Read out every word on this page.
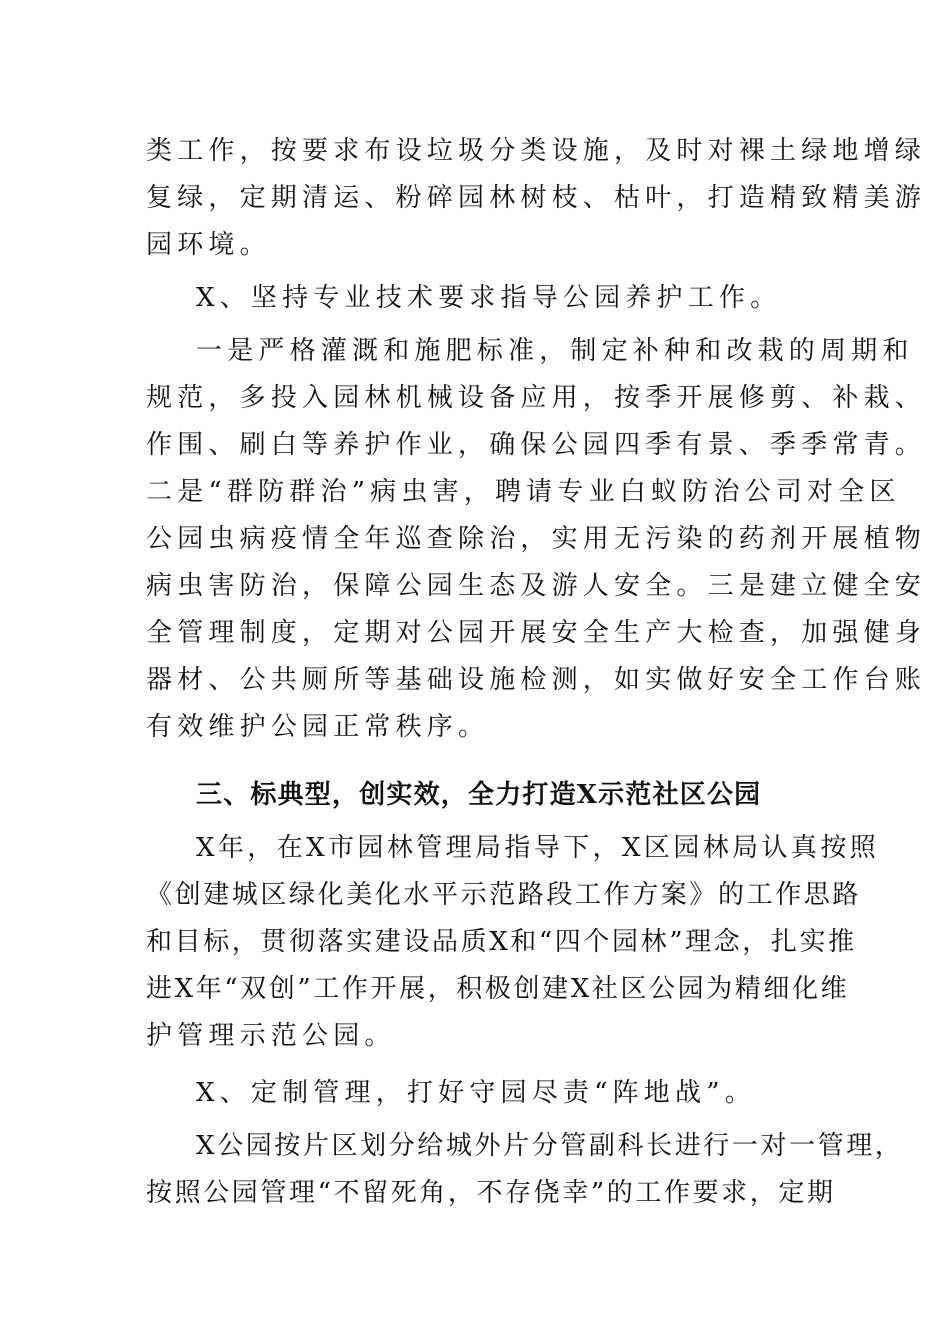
类工作，按要求布设垃圾分类设施，及时对裸土绿地增绿
复绿，定期清运、粉碎园林树枝、枯叶，打造精致精美游
园环境。
X、坚持专业技术要求指导公园养护工作。
一是严格灌溉和施肥标准，制定补种和改栽的周期和
规范，多投入园林机械设备应用，按季开展修剪、补栽、
作围、刷白等养护作业，确保公园四季有景、季季常青。
二是“群防群治”病虫害，聘请专业白蚁防治公司对全区
公园虫病疫情全年巡查除治，实用无污染的药剂开展植物
病虫害防治，保障公园生态及游人安全。三是建立健全安
全管理制度，定期对公园开展安全生产大检查，加强健身
器材、公共厕所等基础设施检测，如实做好安全工作台账
有效维护公园正常秩序。
三、标典型，创实效，全力打造X示范社区公园
X年，在X市园林管理局指导下，X区园林局认真按照
《创建城区绿化美化水平示范路段工作方案》的工作思路
和目标，贯彻落实建设品质X和“四个园林”理念，扎实推
进X年“双创”工作开展，积极创建X社区公园为精细化维
护管理示范公园。
X、定制管理，打好守园尽责“阵地战”。
X公园按片区划分给城外片分管副科长进行一对一管理，
按照公园管理“不留死角，不存侥幸”的工作要求，定期
